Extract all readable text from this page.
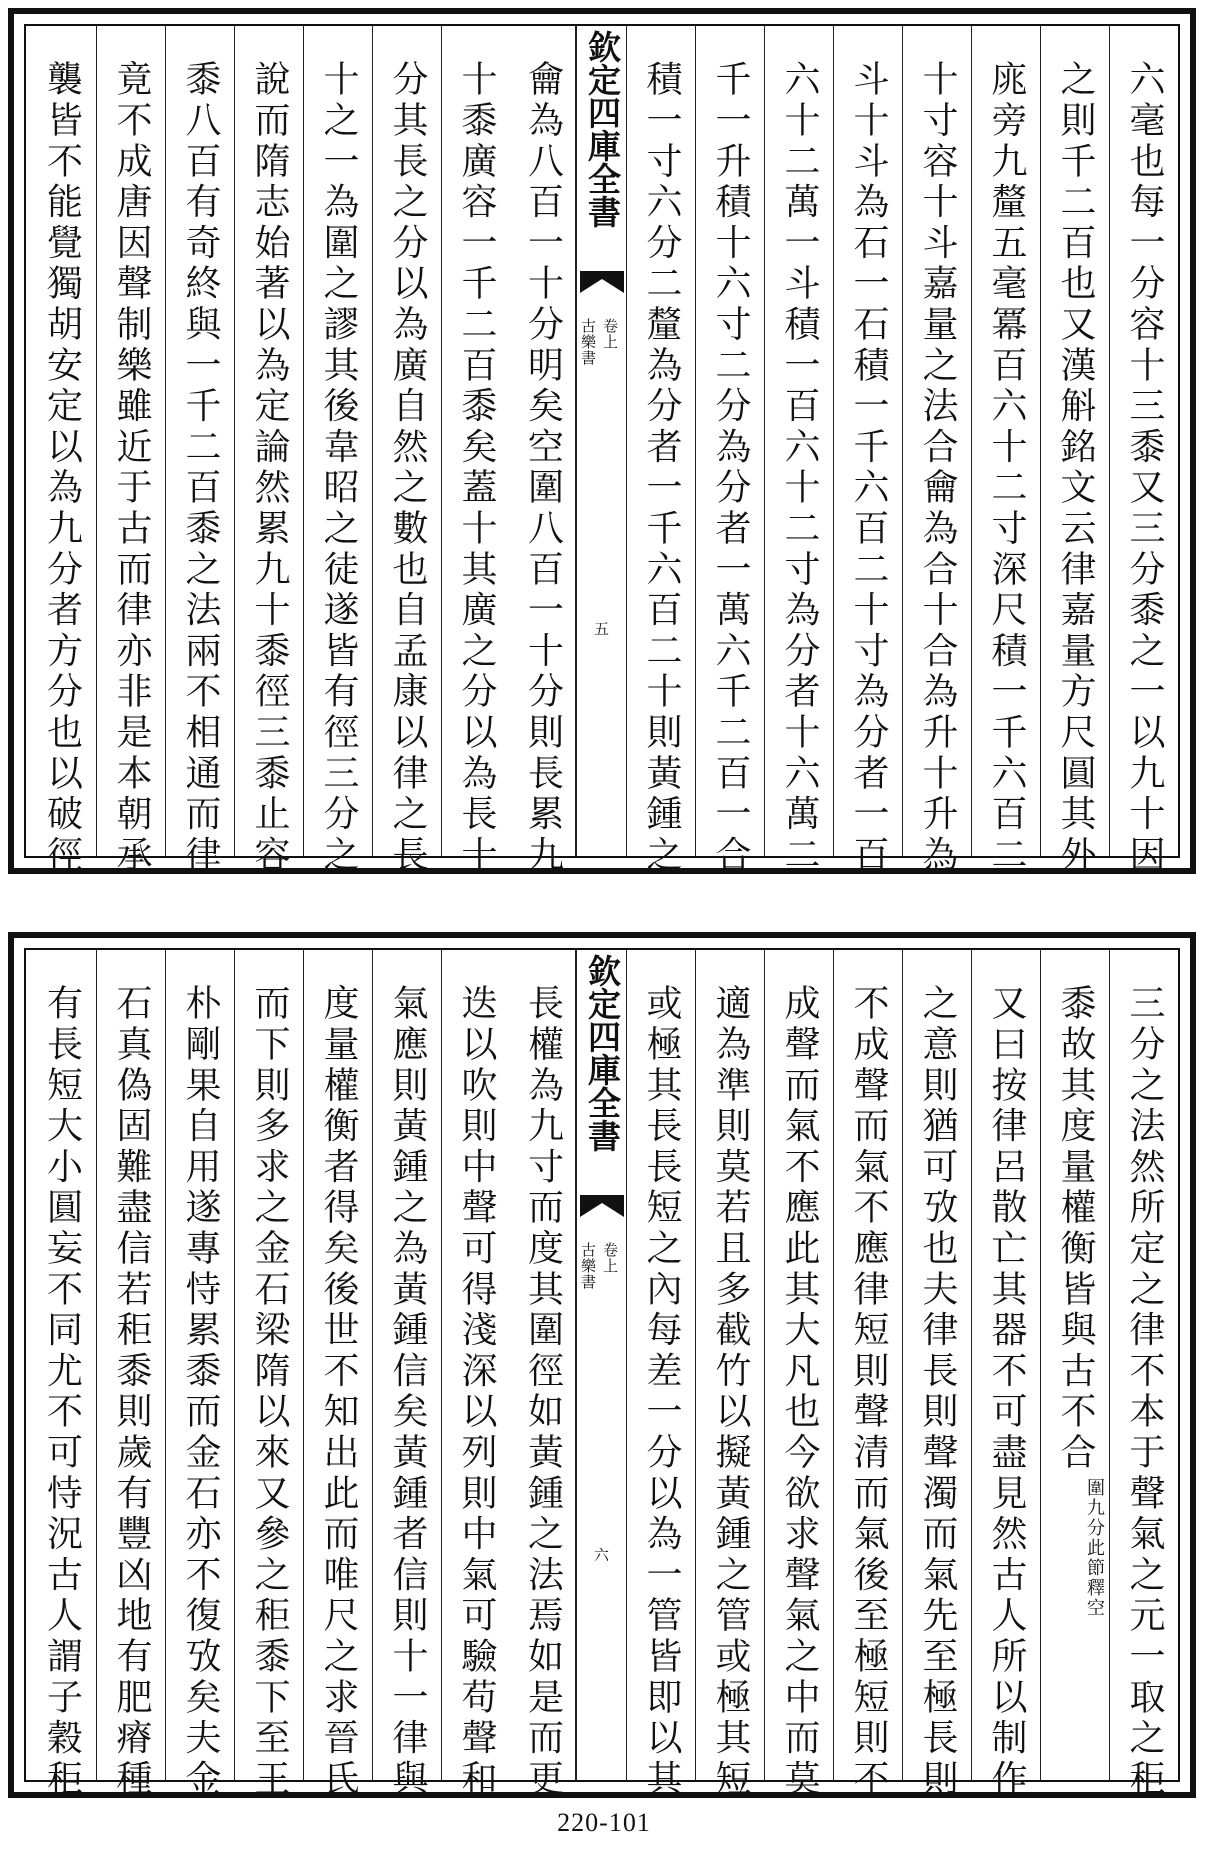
六毫也每一分容十三黍又三分黍之一以九十因
之則千二百也又漢斛銘文云律嘉量方尺圓其外
庣旁九釐五毫冪百六十二寸深尺積一千六百二
十寸容十斗嘉量之法合龠為合十合為升十升為
斗十斗為石一石積一千六百二十寸為分者一百
六十二萬一斗積一百六十二寸為分者十六萬二
千一升積十六寸二分為分者一萬六千二百一合
積一寸六分二釐為分者一千六百二十則黃鍾之
欽定四庫全書
古樂書 卷上
五
龠為八百一十分明矣空圍八百一十分則長累九
十黍廣容一千二百黍矣蓋十其廣之分以為長十
分其長之分以為廣自然之數也自孟康以律之長
十之一為圍之謬其後韋昭之徒遂皆有徑三分之
說而隋志始著以為定論然累九十黍徑三黍止容
黍八百有奇終與一千二百黍之法兩不相通而律
竟不成唐因聲制樂雖近于古而律亦非是本朝承
襲皆不能覺獨胡安定以為九分者方分也以破徑
三分之法然所定之律不本于聲氣之元一取之秬
黍故其度量權衡皆與古不合
此節釋空
圍九分
又曰按律呂散亡其器不可盡見然古人所以制作
之意則猶可攷也夫律長則聲濁而氣先至極長則
不成聲而氣不應律短則聲清而氣後至極短則不
成聲而氣不應此其大凡也今欲求聲氣之中而莫
適為準則莫若且多截竹以擬黃鍾之管或極其短
或極其長長短之內每差一分以為一管皆即以其
欽定四庫全書
古樂書 卷上
六
長權為九寸而度其圍徑如黃鍾之法焉如是而更
迭以吹則中聲可得淺深以列則中氣可驗苟聲和
氣應則黃鍾之為黃鍾信矣黃鍾者信則十一律與
度量權衡者得矣後世不知出此而唯尺之求晉氏
而下則多求之金石梁隋以來又參之秬黍下至王
朴剛果自用遂專恃累黍而金石亦不復攷矣夫金
石真偽固難盡信若秬黍則歲有豐凶地有肥瘠種
有長短大小圓妄不同尤不可恃況古人謂子穀秬
220-101
